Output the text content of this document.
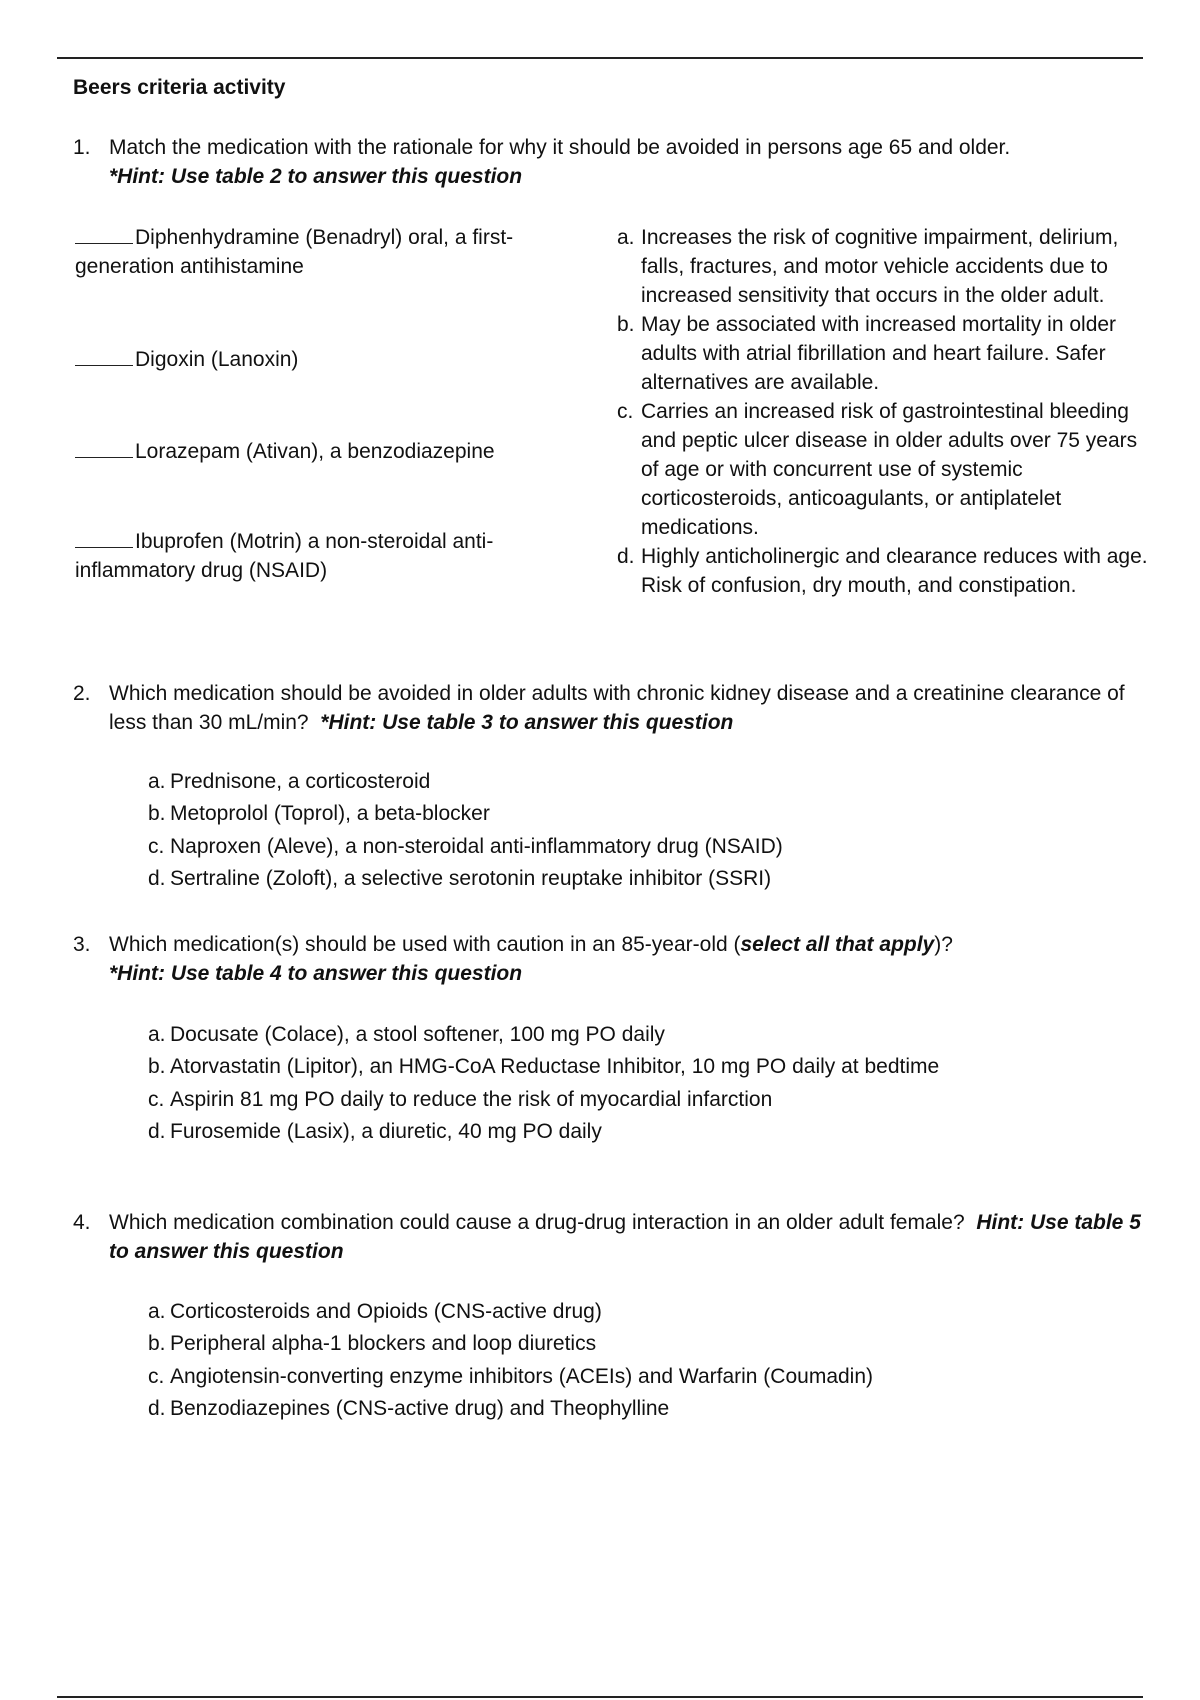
Beers criteria activity
1. Match the medication with the rationale for why it should be avoided in persons age 65 and older.
*Hint: Use table 2 to answer this question
Diphenhydramine (Benadryl) oral, a first-generation antihistamine
Digoxin (Lanoxin)
Lorazepam (Ativan), a benzodiazepine
Ibuprofen (Motrin) a non-steroidal anti-inflammatory drug (NSAID)
a. Increases the risk of cognitive impairment, delirium, falls, fractures, and motor vehicle accidents due to increased sensitivity that occurs in the older adult.
b. May be associated with increased mortality in older adults with atrial fibrillation and heart failure. Safer alternatives are available.
c. Carries an increased risk of gastrointestinal bleeding and peptic ulcer disease in older adults over 75 years of age or with concurrent use of systemic corticosteroids, anticoagulants, or antiplatelet medications.
d. Highly anticholinergic and clearance reduces with age. Risk of confusion, dry mouth, and constipation.
2. Which medication should be avoided in older adults with chronic kidney disease and a creatinine clearance of less than 30 mL/min? *Hint: Use table 3 to answer this question
a. Prednisone, a corticosteroid
b. Metoprolol (Toprol), a beta-blocker
c. Naproxen (Aleve), a non-steroidal anti-inflammatory drug (NSAID)
d. Sertraline (Zoloft), a selective serotonin reuptake inhibitor (SSRI)
3. Which medication(s) should be used with caution in an 85-year-old (select all that apply)?
*Hint: Use table 4 to answer this question
a. Docusate (Colace), a stool softener, 100 mg PO daily
b. Atorvastatin (Lipitor), an HMG-CoA Reductase Inhibitor, 10 mg PO daily at bedtime
c. Aspirin 81 mg PO daily to reduce the risk of myocardial infarction
d. Furosemide (Lasix), a diuretic, 40 mg PO daily
4. Which medication combination could cause a drug-drug interaction in an older adult female? Hint: Use table 5 to answer this question
a. Corticosteroids and Opioids (CNS-active drug)
b. Peripheral alpha-1 blockers and loop diuretics
c. Angiotensin-converting enzyme inhibitors (ACEIs) and Warfarin (Coumadin)
d. Benzodiazepines (CNS-active drug) and Theophylline
